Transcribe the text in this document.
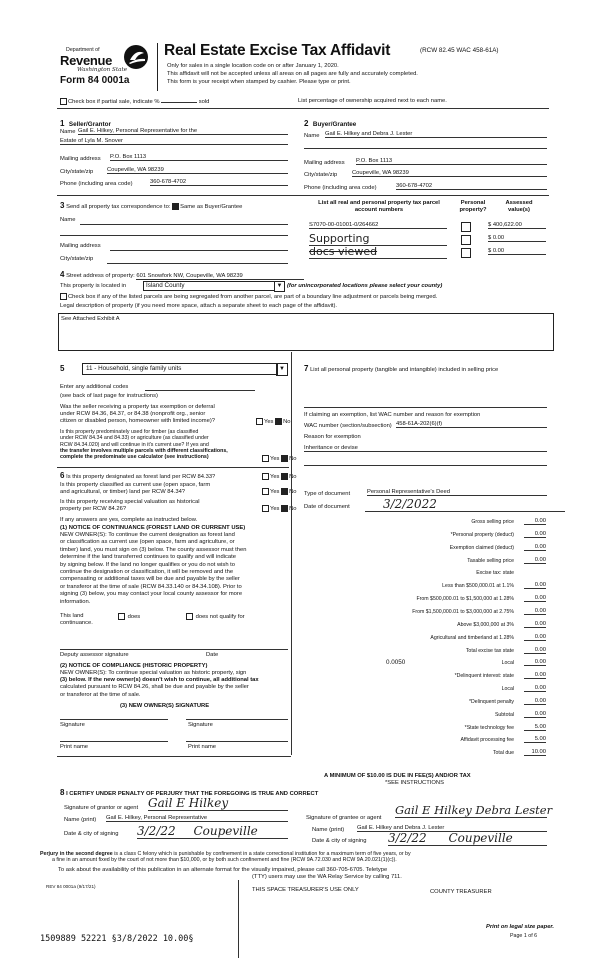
Department of
Revenue
Washington State
Form 84 0001a
Real Estate Excise Tax Affidavit	(RCW 82.45 WAC 458-61A)
Only for sales in a single location code on or after January 1, 2020.
This affidavit will not be accepted unless all areas on all pages are fully and accurately completed.
This form is your receipt when stamped by cashier. Please type or print.
Check box if partial sale, indicate %	sold	List percentage of ownership acquired next to each name.
1 Seller/Grantor
Name Gail E. Hilkey, Personal Representative for the
Estate of Lyla M. Snover
Mailing address P.O. Box 1113
City/state/zip Coupeville, WA 98239
Phone (including area code)	360-678-4702
2 Buyer/Grantee
Name Gail E. Hilkey and Debra J. Lester
Mailing address P.O. Box 1113
City/state/zip	Coupeville, WA 98239
Phone (including area code)	360-678-4702
3 Send all property tax correspondence to: Same as Buyer/Grantee
Name
Mailing address
City/state/zip
List all real and personal property tax parcel account numbers
Personal property?
Assessed value(s)
S7070-00-01001-0/264662	$ 400,622.00
Supporting	$ 0.00
docs viewed	$ 0.00
4 Street address of property: 601 Snowfork NW, Coupeville, WA 98239
This property is located in	Island County	▼ (for unincorporated locations please select your county)
Check box if any of the listed parcels are being segregated from another parcel, are part of a boundary line adjustment or parcels being merged.
Legal description of property (if you need more space, attach a separate sheet to each page of the affidavit).
See Attached Exhibit A
5	11 - Household, single family units	▼
Enter any additional codes
(see back of last page for instructions)
Was the seller receiving a property tax exemption or deferral
under RCW 84.36, 84.37, or 84.38 (nonprofit org., senior
citizen or disabled person, homeowner with limited income)?	Yes No
Is this property predominately used for timber (as classified
under RCW 84.34 and 84.33) or agriculture (as classified under
RCW 84.34.020) and will continue in it's current use? If yes and
the transfer involves multiple parcels with different classifications,
complete the predominate use calculator (see instructions)	Yes No
6 Is this property designated as forest land per RCW 84.33?	Yes No
Is this property classified as current use (open space, farm
and agricultural, or timber) land per RCW 84.34?	Yes No
Is this property receiving special valuation as historical
property per RCW 84.26?	Yes No
If any answers are yes, complete as instructed below.
(1) NOTICE OF CONTINUANCE (FOREST LAND OR CURRENT USE)
NEW OWNER(S): To continue the current designation as forest land
or classification as current use (open space, farm and agriculture, or
timber) land, you must sign on (3) below. The county assessor must then
determine if the land transferred continues to qualify and will indicate
by signing below. If the land no longer qualifies or you do not wish to
continue the designation or classification, it will be removed and the
compensating or additional taxes will be due and payable by the seller
or transferor at the time of sale (RCW 84.33.140 or 84.34.108). Prior to
signing (3) below, you may contact your local county assessor for more
information.
This land
continuance.
does	does not qualify for
Deputy assessor signature	Date
(2) NOTICE OF COMPLIANCE (HISTORIC PROPERTY)
NEW OWNER(S): To continue special valuation as historic property, sign
(3) below. If the new owner(s) doesn't wish to continue, all additional tax
calculated pursuant to RCW 84.26, shall be due and payable by the seller
or transferor at the time of sale.
(3) NEW OWNER(S) SIGNATURE
Signature	Signature
Print name	Print name
7 List all personal property (tangible and intangible) included in selling price
If claiming an exemption, list WAC number and reason for exemption
WAC number (section/subsection) 458-61A-202(6)(f)
Reason for exemption
Inheritance or devise
Type of document	Personal Representative's Deed
Date of document	3/2/2022
Gross selling price	0.00
*Personal property (deduct)	0.00
Exemption claimed (deduct)	0.00
Taxable selling price	0.00
Excise tax: state
Less than $500,000.01 at 1.1%	0.00
From $500,000.01 to $1,500,000 at 1.28%	0.00
From $1,500,000.01 to $3,000,000 at 2.75%	0.00
Above $3,000,000 at 3%	0.00
Agricultural and timberland at 1.28%	0.00
Total excise tax state	0.00
Local
0.0050	0.00
*Delinquent interest: state	0.00
Local	0.00
*Delinquent penalty	0.00
Subtotal	0.00
*State technology fee	5.00
Affidavit processing fee	5.00
Total due	10.00
A MINIMUM OF $10.00 IS DUE IN FEE(S) AND/OR TAX
*SEE INSTRUCTIONS
8 I CERTIFY UNDER PENALTY OF PERJURY THAT THE FOREGOING IS TRUE AND CORRECT
Signature of grantor or agent Gail E Hilkey
Name (print) Gail E. Hilkey, Personal Representative
Date & city of signing 3/2/22 Coupeville
Signature of grantee or agent
Gail E Hilkey Debra Lester
Name (print) Gail E. Hilkey and Debra J. Lester
Date & city of signing 3/2/22 Coupeville
Perjury in the second degree is a class C felony which is punishable by confinement in a state correctional institution for a maximum term of five years, or by
a fine in an amount fixed by the court of not more than $10,000, or by both such confinement and fine (RCW 9A.72.030 and RCW 9A.20.021(1)(c)).
To ask about the availability of this publication in an alternate format for the visually impaired, please call 360-705-6705. Teletype
(TTY) users may use the WA Relay Service by calling 711.
REV 84 0001a (9/17/21)
THIS SPACE TREASURER'S USE ONLY	COUNTY TREASURER
Print on legal size paper.
Page 1 of 6
1509889 52221 §3/8/2022 10.00§
